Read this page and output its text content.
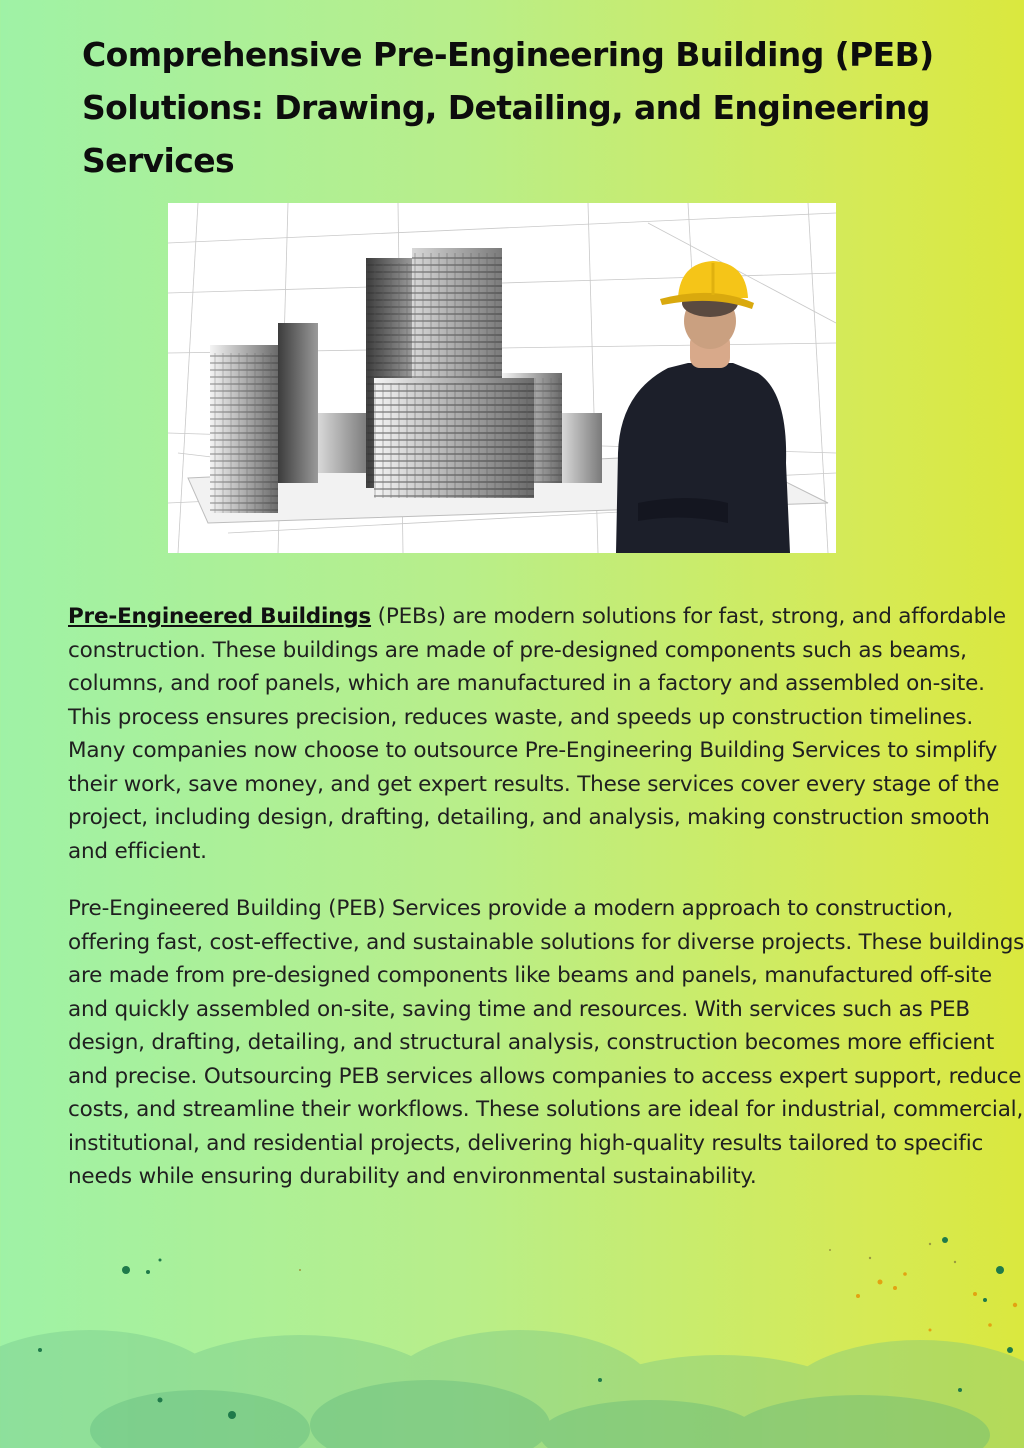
Comprehensive Pre-Engineering Building (PEB)
Solutions: Drawing, Detailing, and Engineering
Services

Pre-Engineered Buildings (PEBs) are modern solutions for fast, strong, and affordable construction. These buildings are made of pre-designed components such as beams, columns, and roof panels, which are manufactured in a factory and assembled on-site. This process ensures precision, reduces waste, and speeds up construction timelines.

Many companies now choose to outsource Pre-Engineering Building Services to simplify their work, save money, and get expert results. These services cover every stage of the project, including design, drafting, detailing, and analysis, making construction smooth and efficient.

Pre-Engineered Building (PEB) Services provide a modern approach to construction, offering fast, cost-effective, and sustainable solutions for diverse projects. These buildings are made from pre-designed components like beams and panels, manufactured off-site and quickly assembled on-site, saving time and resources. With services such as PEB design, drafting, detailing, and structural analysis, construction becomes more efficient and precise. Outsourcing PEB services allows companies to access expert support, reduce costs, and streamline their workflows. These solutions are ideal for industrial, commercial, institutional, and residential projects, delivering high-quality results tailored to specific needs while ensuring durability and environmental sustainability.
